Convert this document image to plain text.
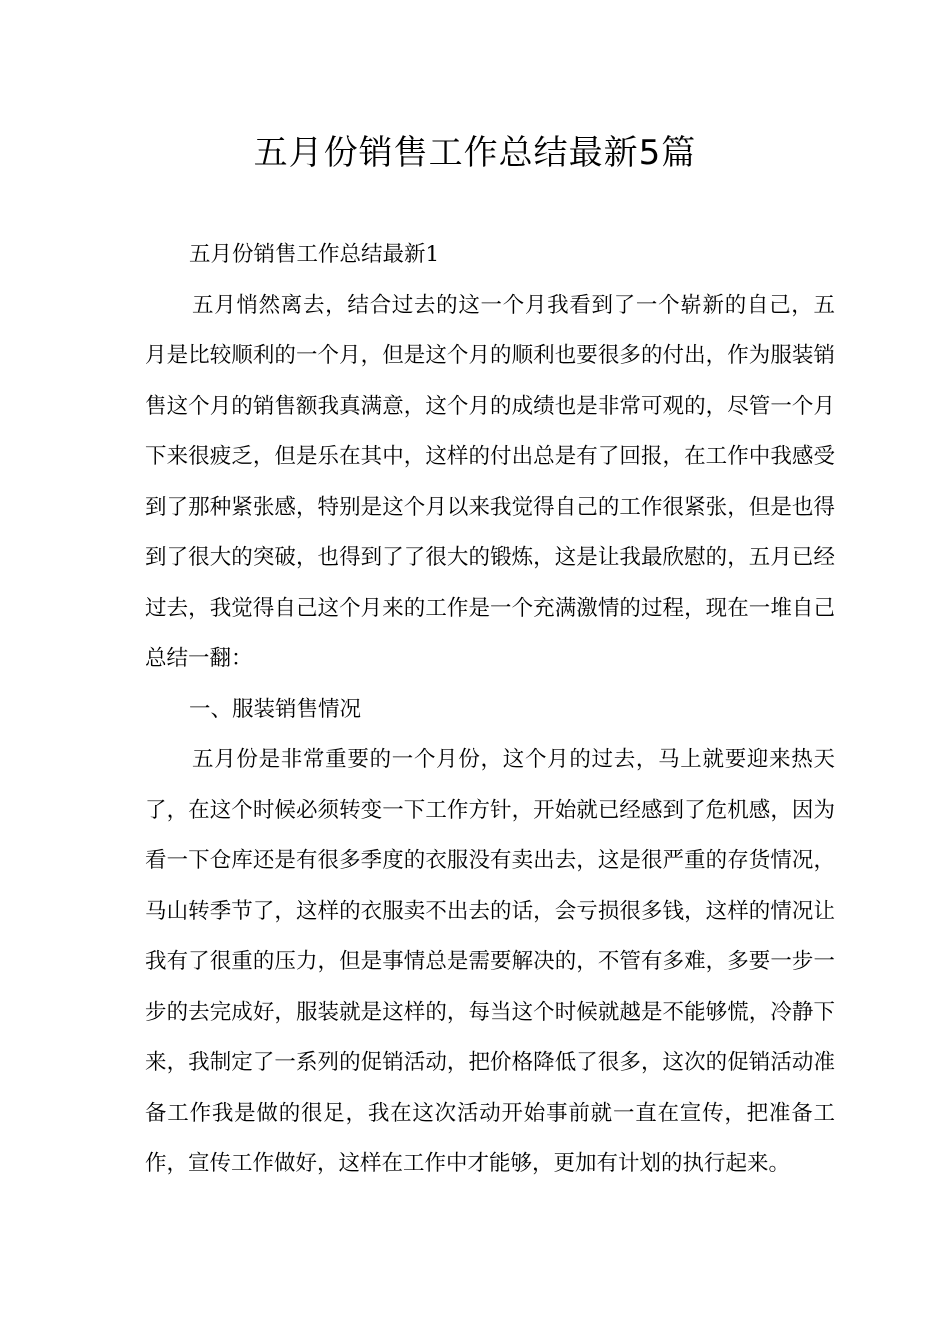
五月份销售工作总结最新5篇

五月份销售工作总结最新1

五月悄然离去，结合过去的这一个月我看到了一个崭新的自己，五月是比较顺利的一个月，但是这个月的顺利也要很多的付出，作为服装销售这个月的销售额我真满意，这个月的成绩也是非常可观的，尽管一个月下来很疲乏，但是乐在其中，这样的付出总是有了回报，在工作中我感受到了那种紧张感，特别是这个月以来我觉得自己的工作很紧张，但是也得到了很大的突破，也得到了了很大的锻炼，这是让我最欣慰的，五月已经过去，我觉得自己这个月来的工作是一个充满激情的过程，现在一堆自己总结一翻：

一、服装销售情况

五月份是非常重要的一个月份，这个月的过去，马上就要迎来热天了，在这个时候必须转变一下工作方针，开始就已经感到了危机感，因为看一下仓库还是有很多季度的衣服没有卖出去，这是很严重的存货情况，马山转季节了，这样的衣服卖不出去的话，会亏损很多钱，这样的情况让我有了很重的压力，但是事情总是需要解决的，不管有多难，多要一步一步的去完成好，服装就是这样的，每当这个时候就越是不能够慌，冷静下来，我制定了一系列的促销活动，把价格降低了很多，这次的促销活动准备工作我是做的很足，我在这次活动开始事前就一直在宣传，把准备工作，宣传工作做好，这样在工作中才能够，更加有计划的执行起来。
